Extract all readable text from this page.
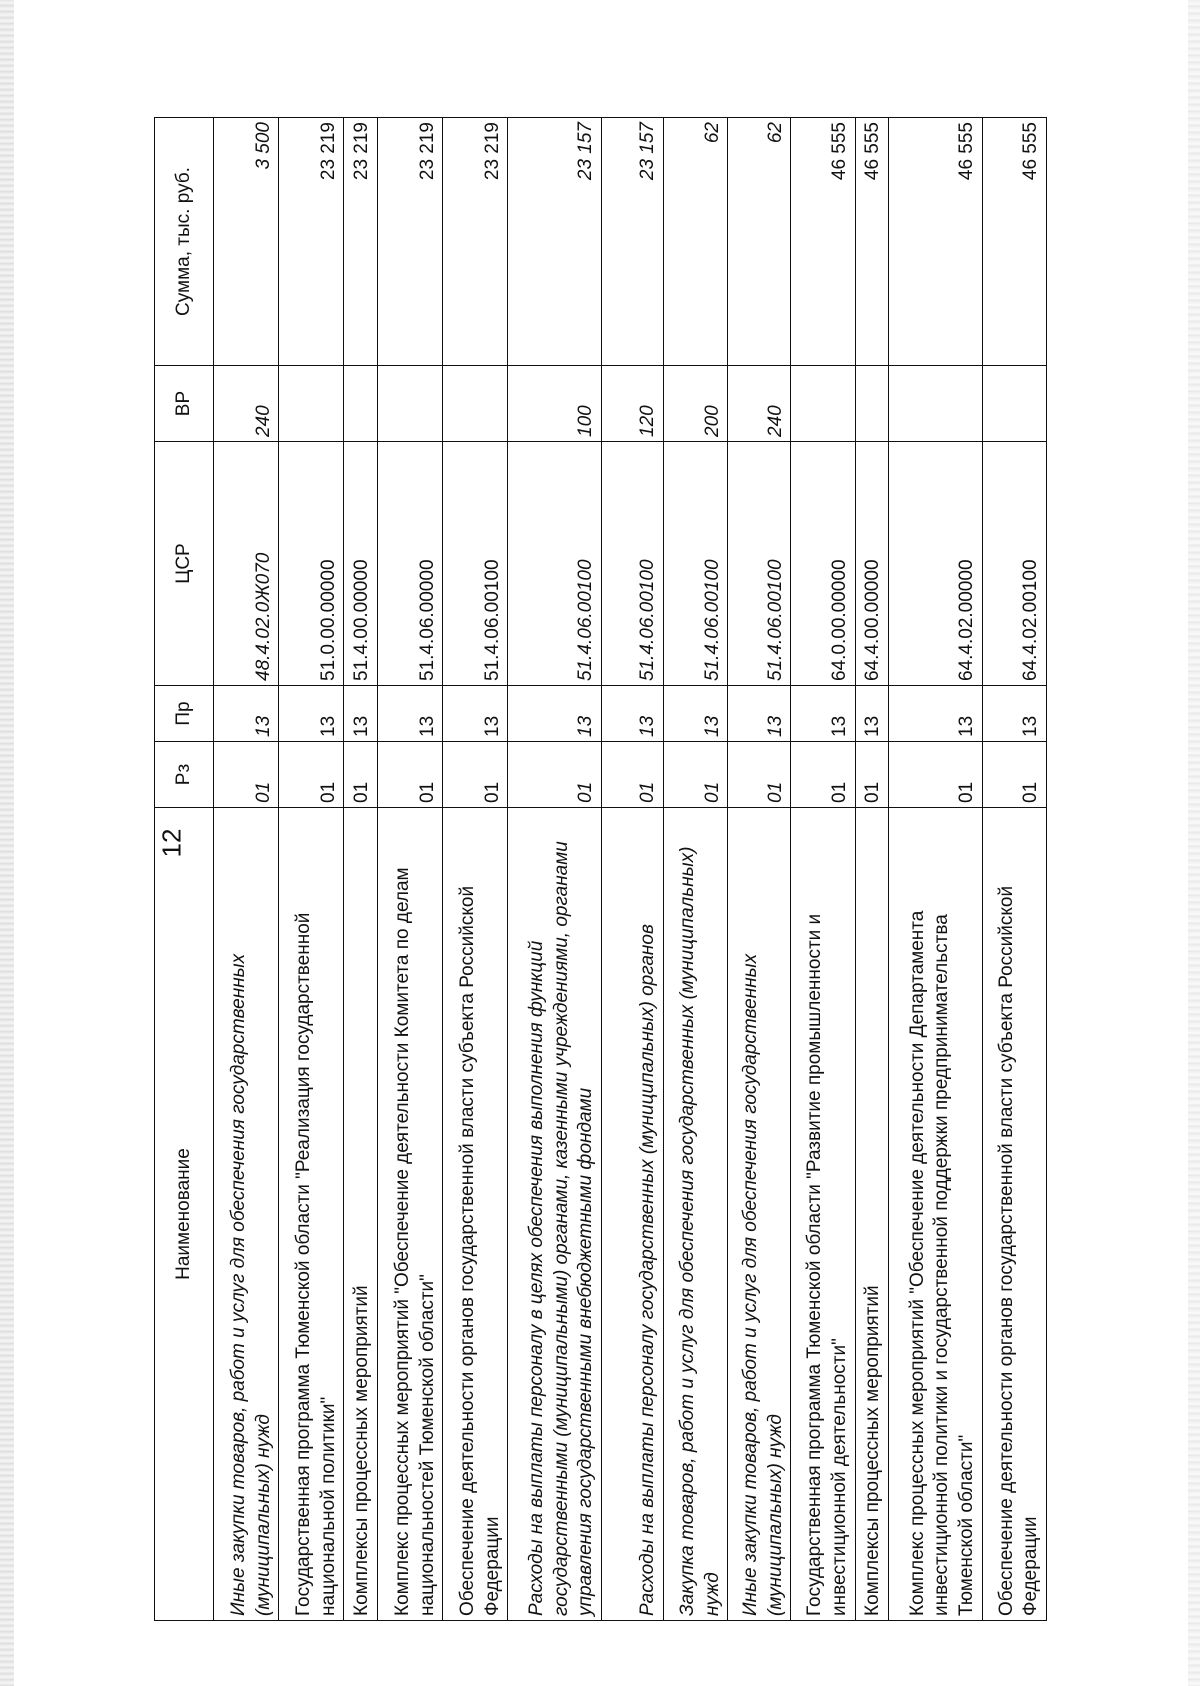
12
Наименование	Рз	Пр	ЦСР	ВР	Сумма, тыс. руб.
Иные закупки товаров, работ и услуг для обеспечения государственных (муниципальных) нужд	01	13	48.4.02.0Ж070	240	3 500
Государственная программа Тюменской области "Реализация государственной национальной политики"	01	13	51.0.00.00000		23 219
Комплексы процессных мероприятий	01	13	51.4.00.00000		23 219
Комплекс процессных мероприятий "Обеспечение деятельности Комитета по делам национальностей Тюменской области"	01	13	51.4.06.00000		23 219
Обеспечение деятельности органов государственной власти субъекта Российской Федерации	01	13	51.4.06.00100		23 219
Расходы на выплаты персоналу в целях обеспечения выполнения функций государственными (муниципальными) органами, казенными учреждениями, органами управления государственными внебюджетными фондами	01	13	51.4.06.00100	100	23 157
Расходы на выплаты персоналу государственных (муниципальных) органов	01	13	51.4.06.00100	120	23 157
Закупка товаров, работ и услуг для обеспечения государственных (муниципальных) нужд	01	13	51.4.06.00100	200	62
Иные закупки товаров, работ и услуг для обеспечения государственных (муниципальных) нужд	01	13	51.4.06.00100	240	62
Государственная программа Тюменской области "Развитие промышленности и инвестиционной деятельности"	01	13	64.0.00.00000		46 555
Комплексы процессных мероприятий	01	13	64.4.00.00000		46 555
Комплекс процессных мероприятий "Обеспечение деятельности Департамента инвестиционной политики и государственной поддержки предпринимательства Тюменской области"	01	13	64.4.02.00000		46 555
Обеспечение деятельности органов государственной власти субъекта Российской Федерации	01	13	64.4.02.00100		46 555
